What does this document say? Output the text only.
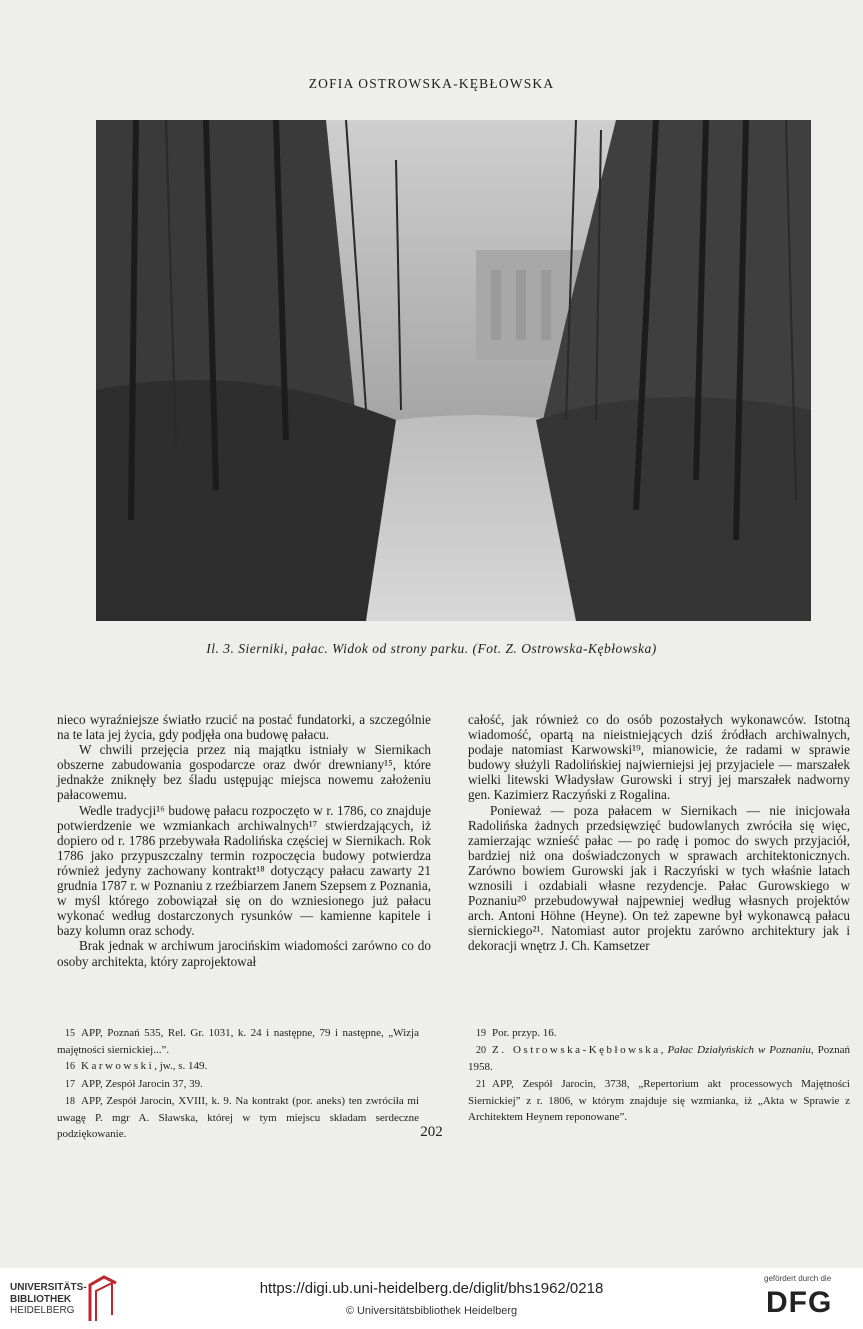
ZOFIA OSTROWSKA-KĘBŁOWSKA
Il. 3. Sierniki, pałac. Widok od strony parku. (Fot. Z. Ostrowska-Kębłowska)

nieco wyraźniejsze światło rzucić na postać fundatorki, a szczególnie na te lata jej życia, gdy podjęła ona budowę pałacu.

W chwili przejęcia przez nią majątku istniały w Siernikach obszerne zabudowania gospodarcze oraz dwór drewniany¹⁵, które jednakże zniknęły bez śladu ustępując miejsca nowemu założeniu pałacowemu.

Wedle tradycji¹⁶ budowę pałacu rozpoczęto w r. 1786, co znajduje potwierdzenie we wzmiankach archiwalnych¹⁷ stwierdzających, iż dopiero od r. 1786 przebywała Radolińska częściej w Siernikach. Rok 1786 jako przypuszczalny termin rozpoczęcia budowy potwierdza również jedyny zachowany kontrakt¹⁸ dotyczący pałacu zawarty 21 grudnia 1787 r. w Poznaniu z rzeźbiarzem Janem Szepsem z Poznania, w myśl którego zobowiązał się on do wzniesionego już pałacu wykonać według dostarczonych rysunków — kamienne kapitele i bazy kolumn oraz schody.

Brak jednak w archiwum jarocińskim wiadomości zarówno co do osoby architekta, który zaprojektował

całość, jak również co do osób pozostałych wykonawców. Istotną wiadomość, opartą na nieistniejących dziś źródłach archiwalnych, podaje natomiast Karwowski¹⁹, mianowicie, że radami w sprawie budowy służyli Radolińskiej najwierniejsi jej przyjaciele — marszałek wielki litewski Władysław Gurowski i stryj jej marszałek nadworny gen. Kazimierz Raczyński z Rogalina.

Ponieważ — poza pałacem w Siernikach — nie inicjowała Radolińska żadnych przedsięwzięć budowlanych zwróciła się więc, zamierzając wznieść pałac — po radę i pomoc do swych przyjaciół, bardziej niż ona doświadczonych w sprawach architektonicznych. Zarówno bowiem Gurowski jak i Raczyński w tych właśnie latach wznosili i ozdabiali własne rezydencje. Pałac Gurowskiego w Poznaniu²⁰ przebudowywał najpewniej według własnych projektów arch. Antoni Höhne (Heyne). On też zapewne był wykonawcą pałacu siernickiego²¹. Natomiast autor projektu zarówno architektury jak i dekoracji wnętrz J. Ch. Kamsetzer

15 APP, Poznań 535, Rel. Gr. 1031, k. 24 i następne, 79 i następne, „Wizja majętności siernickiej...”.

16 Karwowski, jw., s. 149.

17 APP, Zespół Jarocin 37, 39.

18 APP, Zespół Jarocin, XVIII, k. 9. Na kontrakt (por. aneks) ten zwróciła mi uwagę P. mgr A. Sławska, której w tym miejscu składam serdeczne podziękowanie.

19 Por. przyp. 16.

20 Z. Ostrowska-Kębłowska, Pałac Działyńskich w Poznaniu, Poznań 1958.

21 APP, Zespół Jarocin, 3738, „Repertorium akt processowych Majętności Siernickiej” z r. 1806, w którym znajduje się wzmianka, iż „Akta w Sprawie z Architektem Heynem reponowane”.

202
UNIVERSITÄTS-
BIBLIOTHEK
HEIDELBERG
https://digi.ub.uni-heidelberg.de/diglit/bhs1962/0218
© Universitätsbibliothek Heidelberg
gefördert durch die
DFG
